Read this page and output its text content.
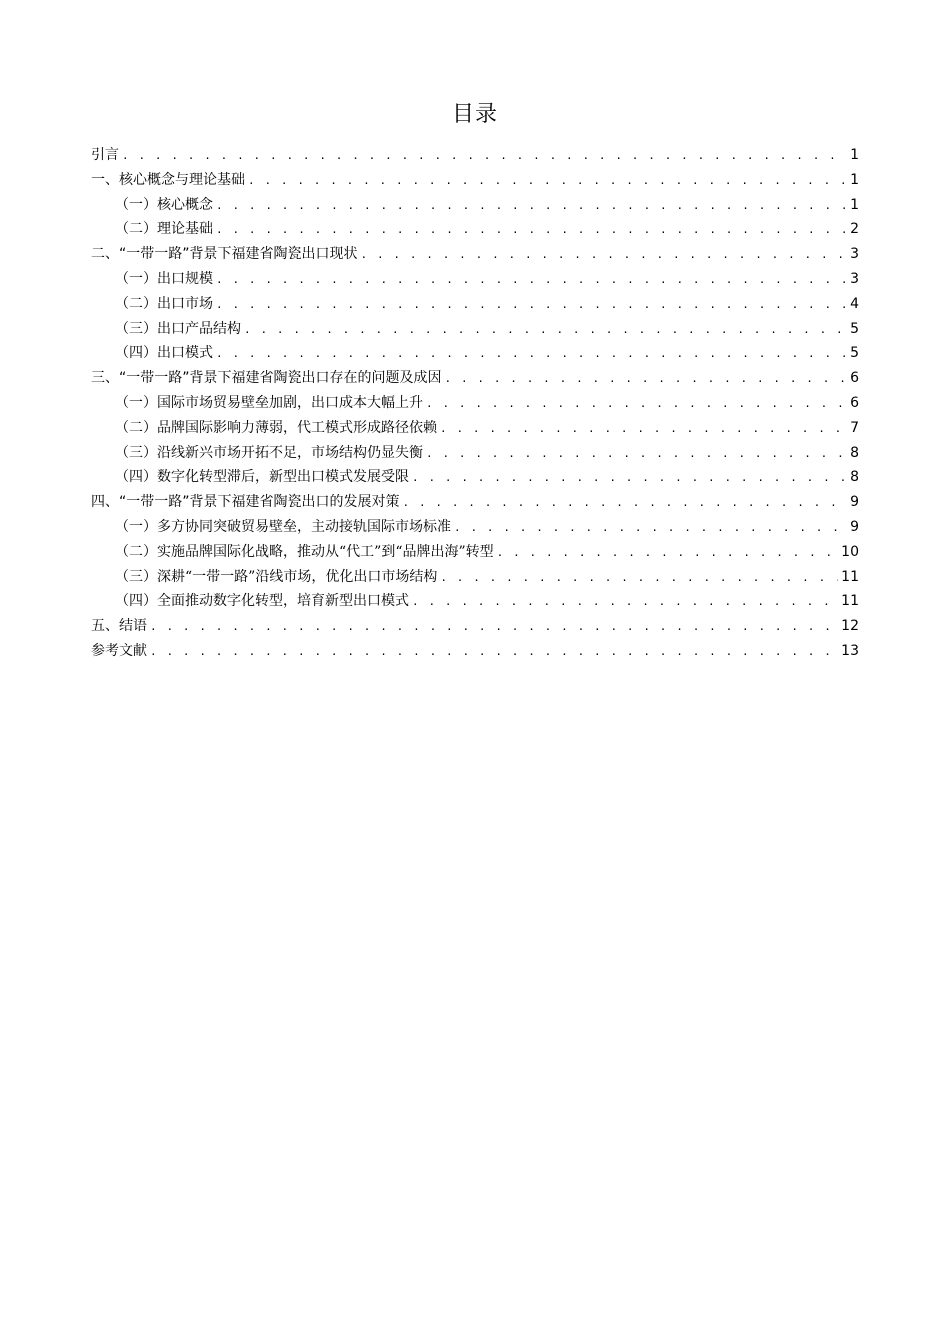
目录
引言 . . .	1
一、核心概念与理论基础 . . .	1
（一）核心概念 . . .	1
（二）理论基础 . . .	2
二、“一带一路”背景下福建省陶瓷出口现状 . . .	3
（一）出口规模 . . .	3
（二）出口市场 . . .	4
（三）出口产品结构 . . .	5
（四）出口模式 . . .	5
三、“一带一路”背景下福建省陶瓷出口存在的问题及成因 . . .	6
（一）国际市场贸易壁垒加剧，出口成本大幅上升 . . .	6
（二）品牌国际影响力薄弱，代工模式形成路径依赖 . . .	7
（三）沿线新兴市场开拓不足，市场结构仍显失衡 . . .	8
（四）数字化转型滞后，新型出口模式发展受限 . . .	8
四、“一带一路”背景下福建省陶瓷出口的发展对策 . . .	9
（一）多方协同突破贸易壁垒，主动接轨国际市场标准 . . .	9
（二）实施品牌国际化战略，推动从“代工”到“品牌出海”转型 . . .	10
（三）深耕“一带一路”沿线市场，优化出口市场结构 . . .	11
（四）全面推动数字化转型，培育新型出口模式 . . .	11
五、结语 . . .	12
参考文献 . . .	13
